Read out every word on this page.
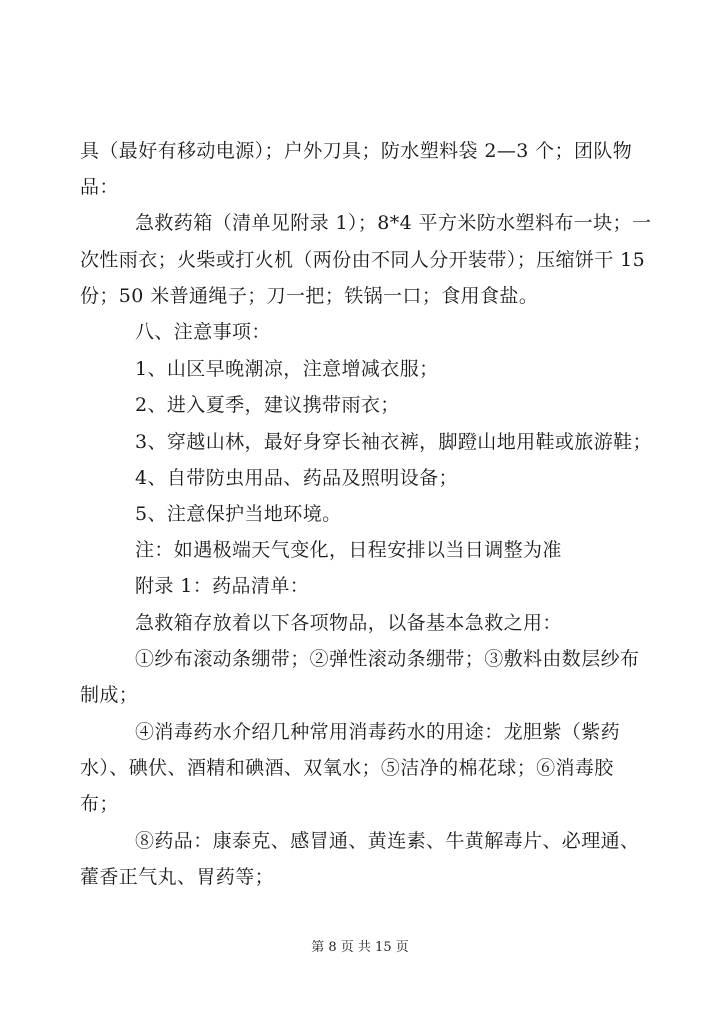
具（最好有移动电源）；户外刀具；防水塑料袋 2—3 个；团队物
品：
急救药箱（清单见附录 1）；8*4 平方米防水塑料布一块；一
次性雨衣；火柴或打火机（两份由不同人分开装带）；压缩饼干 15
份；50 米普通绳子；刀一把；铁锅一口；食用食盐。
八、注意事项：
1、山区早晚潮凉，注意增减衣服；
2、进入夏季，建议携带雨衣；
3、穿越山林，最好身穿长袖衣裤，脚蹬山地用鞋或旅游鞋；
4、自带防虫用品、药品及照明设备；
5、注意保护当地环境。
注：如遇极端天气变化，日程安排以当日调整为准
附录 1：药品清单：
急救箱存放着以下各项物品，以备基本急救之用：
①纱布滚动条绷带；②弹性滚动条绷带；③敷料由数层纱布
制成；
④消毒药水介绍几种常用消毒药水的用途：龙胆紫（紫药
水）、碘伏、酒精和碘酒、双氧水；⑤洁净的棉花球；⑥消毒胶
布；
⑧药品：康泰克、感冒通、黄连素、牛黄解毒片、必理通、
藿香正气丸、胃药等；
第 8 页 共 15 页
